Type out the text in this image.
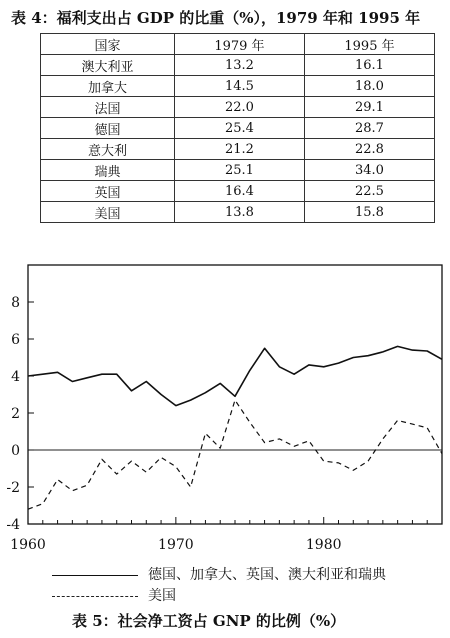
表 4：福利支出占 GDP 的比重（%），1979 年和 1995 年
国家	1979 年	1995 年
澳大利亚	13.2	16.1
加拿大	14.5	18.0
法国	22.0	29.1
德国	25.4	28.7
意大利	21.2	22.8
瑞典	25.1	34.0
英国	16.4	22.5
美国	13.8	15.8
-4
-2
0
2
4
6
8
1960	1970	1980
德国、加拿大、英国、澳大利亚和瑞典
美国
表 5：社会净工资占 GNP 的比例（%）
